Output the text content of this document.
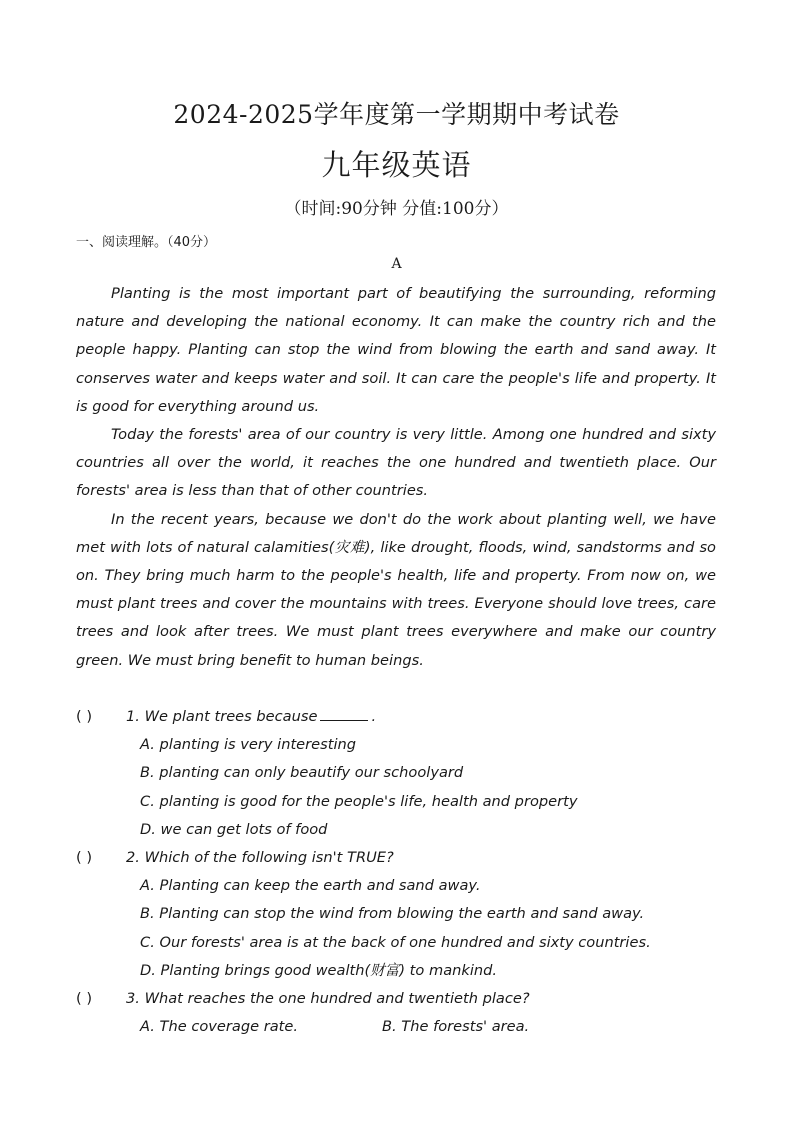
2024-2025学年度第一学期期中考试卷
九年级英语
（时间:90分钟 分值:100分）
一、阅读理解。（40分）
A

Planting is the most important part of beautifying the surrounding, reforming nature and developing the national economy. It can make the country rich and the people happy. Planting can stop the wind from blowing the earth and sand away. It conserves water and keeps water and soil. It can care the people's life and property. It is good for everything around us.

Today the forests' area of our country is very little. Among one hundred and sixty countries all over the world, it reaches the one hundred and twentieth place. Our forests' area is less than that of other countries.

In the recent years, because we don't do the work about planting well, we have met with lots of natural calamities(灾难), like drought, floods, wind, sandstorms and so on. They bring much harm to the people's health, life and property. From now on, we must plant trees and cover the mountains with trees. Everyone should love trees, care trees and look after trees. We must plant trees everywhere and make our country green. We must bring benefit to human beings.

( ) 1. We plant trees because	.
A. planting is very interesting
B. planting can only beautify our schoolyard
C. planting is good for the people's life, health and property
D. we can get lots of food
( ) 2. Which of the following isn't TRUE?
A. Planting can keep the earth and sand away.
B. Planting can stop the wind from blowing the earth and sand away.
C. Our forests' area is at the back of one hundred and sixty countries.
D. Planting brings good wealth(财富) to mankind.
( ) 3. What reaches the one hundred and twentieth place?
A. The coverage rate.	B. The forests' area.
